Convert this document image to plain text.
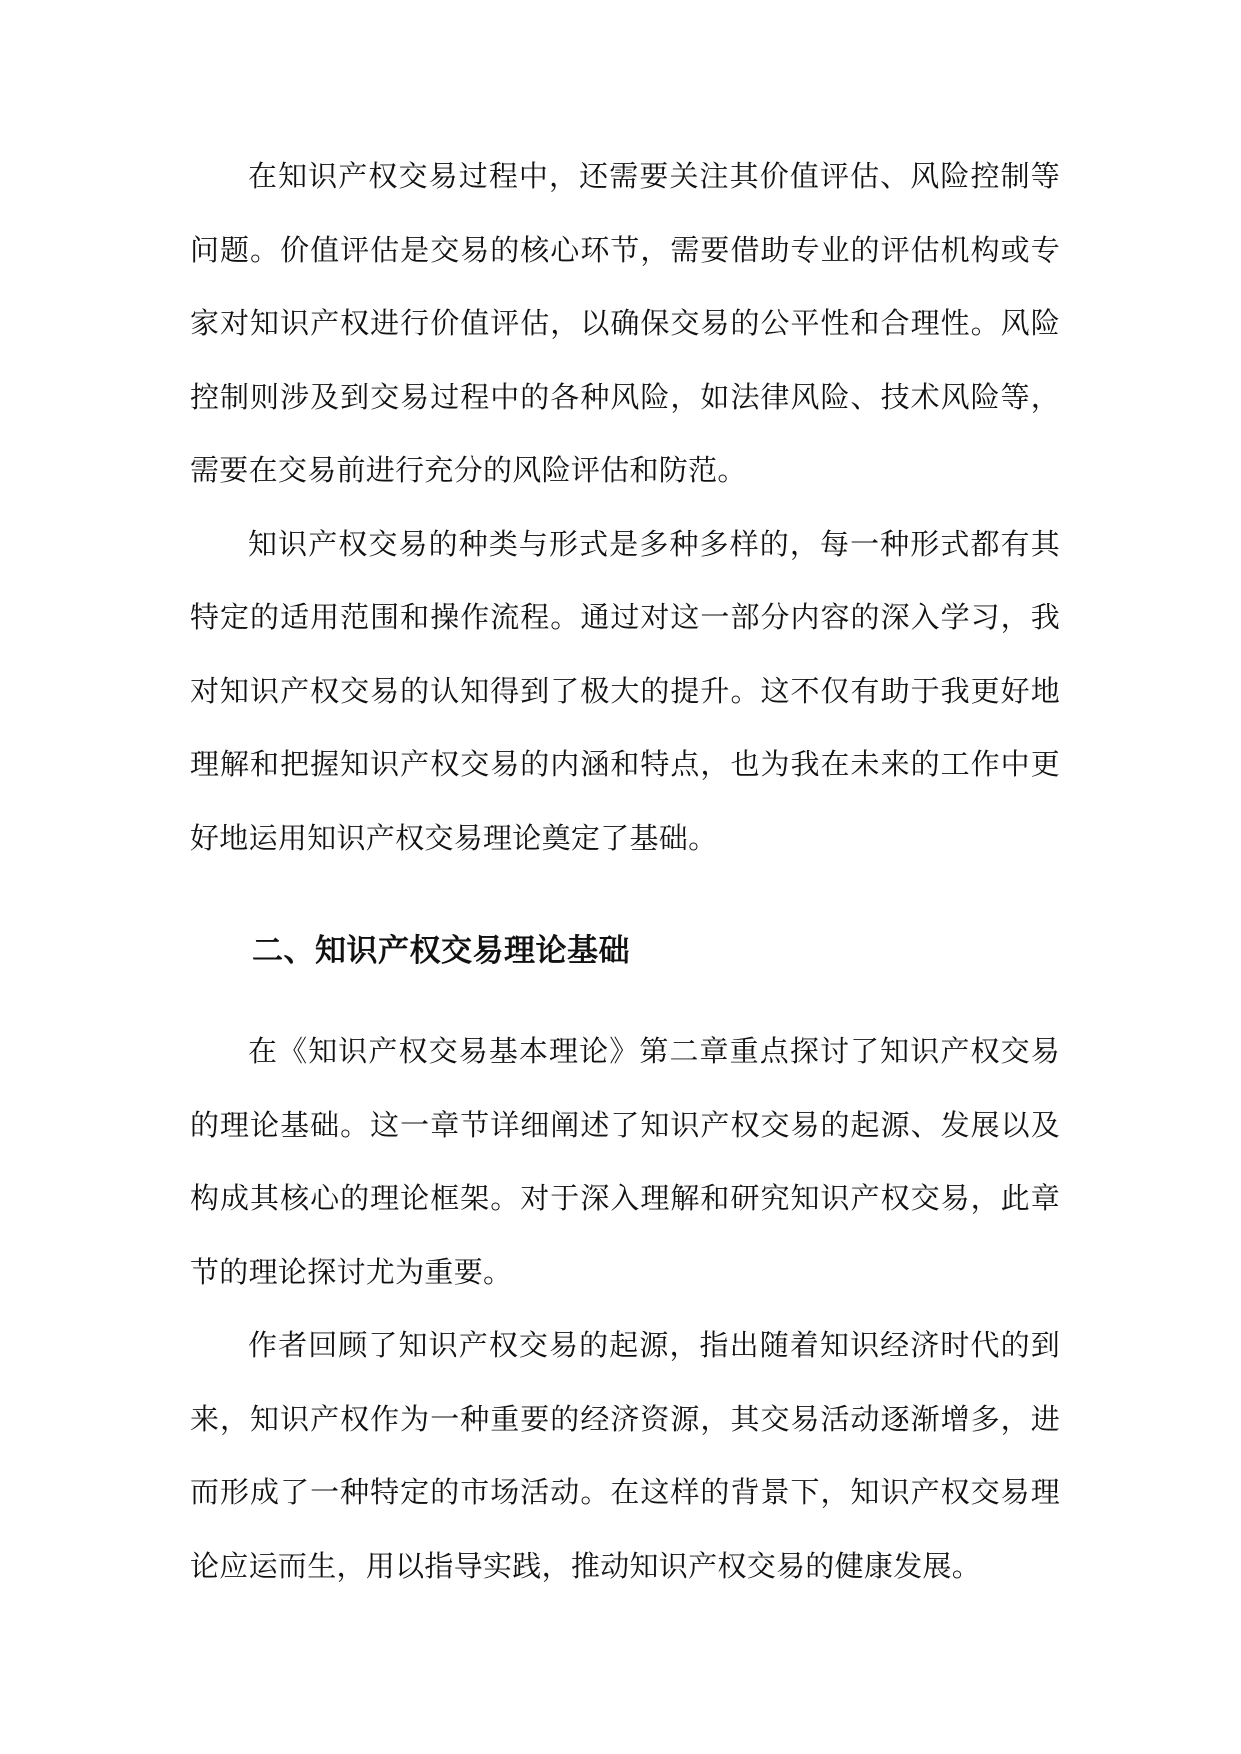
在知识产权交易过程中，还需要关注其价值评估、风险控制等问题。价值评估是交易的核心环节，需要借助专业的评估机构或专家对知识产权进行价值评估，以确保交易的公平性和合理性。风险控制则涉及到交易过程中的各种风险，如法律风险、技术风险等，需要在交易前进行充分的风险评估和防范。

知识产权交易的种类与形式是多种多样的，每一种形式都有其特定的适用范围和操作流程。通过对这一部分内容的深入学习，我对知识产权交易的认知得到了极大的提升。这不仅有助于我更好地理解和把握知识产权交易的内涵和特点，也为我在未来的工作中更好地运用知识产权交易理论奠定了基础。

二、知识产权交易理论基础

在《知识产权交易基本理论》第二章重点探讨了知识产权交易的理论基础。这一章节详细阐述了知识产权交易的起源、发展以及构成其核心的理论框架。对于深入理解和研究知识产权交易，此章节的理论探讨尤为重要。

作者回顾了知识产权交易的起源，指出随着知识经济时代的到来，知识产权作为一种重要的经济资源，其交易活动逐渐增多，进而形成了一种特定的市场活动。在这样的背景下，知识产权交易理论应运而生，用以指导实践，推动知识产权交易的健康发展。
